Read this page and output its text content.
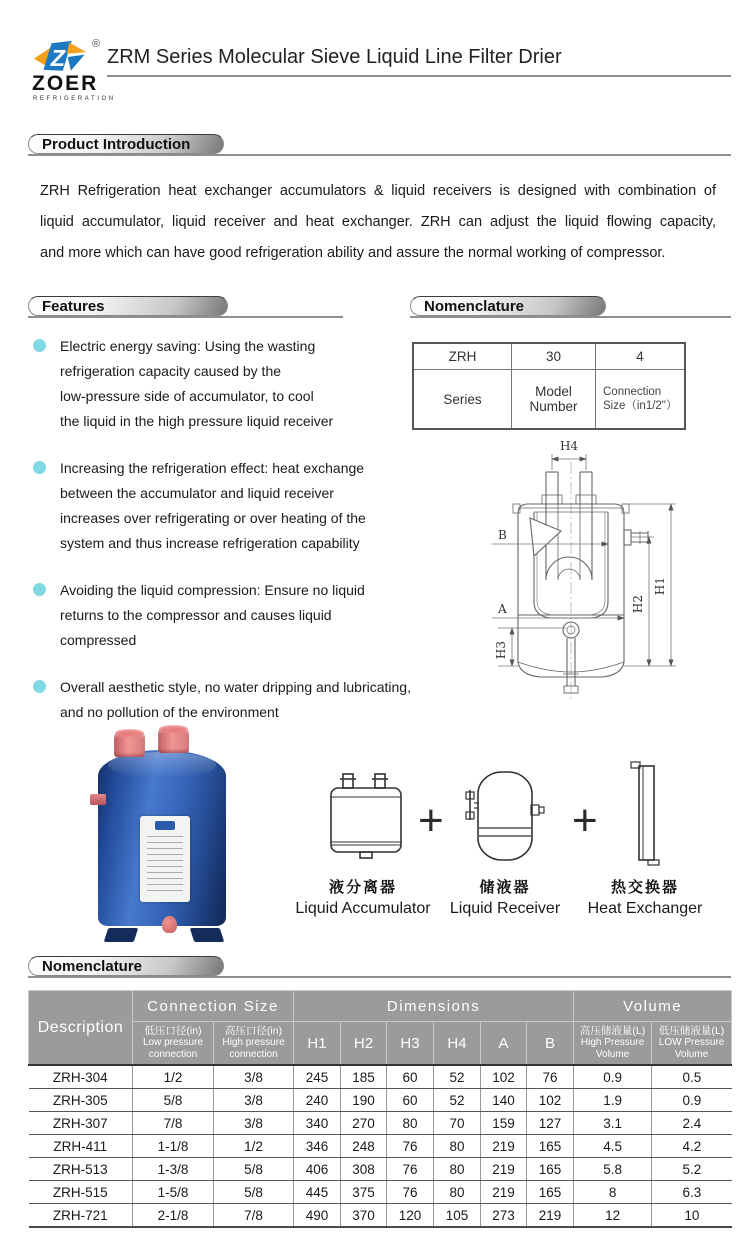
Z
®
ZOER
REFRIGERATION
ZRM Series Molecular Sieve Liquid Line Filter Drier
Product Introduction
ZRH Refrigeration heat exchanger accumulators & liquid receivers is designed with combination of
liquid accumulator, liquid receiver and heat exchanger. ZRH can adjust the liquid flowing capacity,
and more which can have good refrigeration ability and assure the normal working of compressor.
Features
Electric energy saving: Using the wasting
refrigeration capacity caused by the
low-pressure side of accumulator, to cool
the liquid in the high pressure liquid receiver
Increasing the refrigeration effect: heat exchange
between the accumulator and liquid receiver
increases over refrigerating or over heating of the
system and thus increase refrigeration capability
Avoiding the liquid compression: Ensure no liquid
returns to the compressor and causes liquid
compressed
Overall aesthetic style, no water dripping and lubricating,
and no pollution of the environment
Nomenclature
ZRH	30	4
Series	Model Number	Connection Size（in1/2"）
H4
B
A
H3
H2
H1
+	+
液分离器
Liquid Accumulator
储液器
Liquid Receiver
热交换器
Heat Exchanger
Nomenclature
Description	Connection Size		Dimensions						Volume	

	低压口径(in)
Low pressure connection	高压口径(in)
High pressure connection	H1	H2	H3	H4	A	B	高压储液量(L)
High Pressure Volume	低压储液量(L)
LOW Pressure Volume

ZRH-304	1/2	3/8	245	185	60	52	102	76	0.9	0.5
ZRH-305	5/8	3/8	240	190	60	52	140	102	1.9	0.9
ZRH-307	7/8	3/8	340	270	80	70	159	127	3.1	2.4
ZRH-411	1-1/8	1/2	346	248	76	80	219	165	4.5	4.2
ZRH-513	1-3/8	5/8	406	308	76	80	219	165	5.8	5.2
ZRH-515	1-5/8	5/8	445	375	76	80	219	165	8	6.3
ZRH-721	2-1/8	7/8	490	370	120	105	273	219	12	10
